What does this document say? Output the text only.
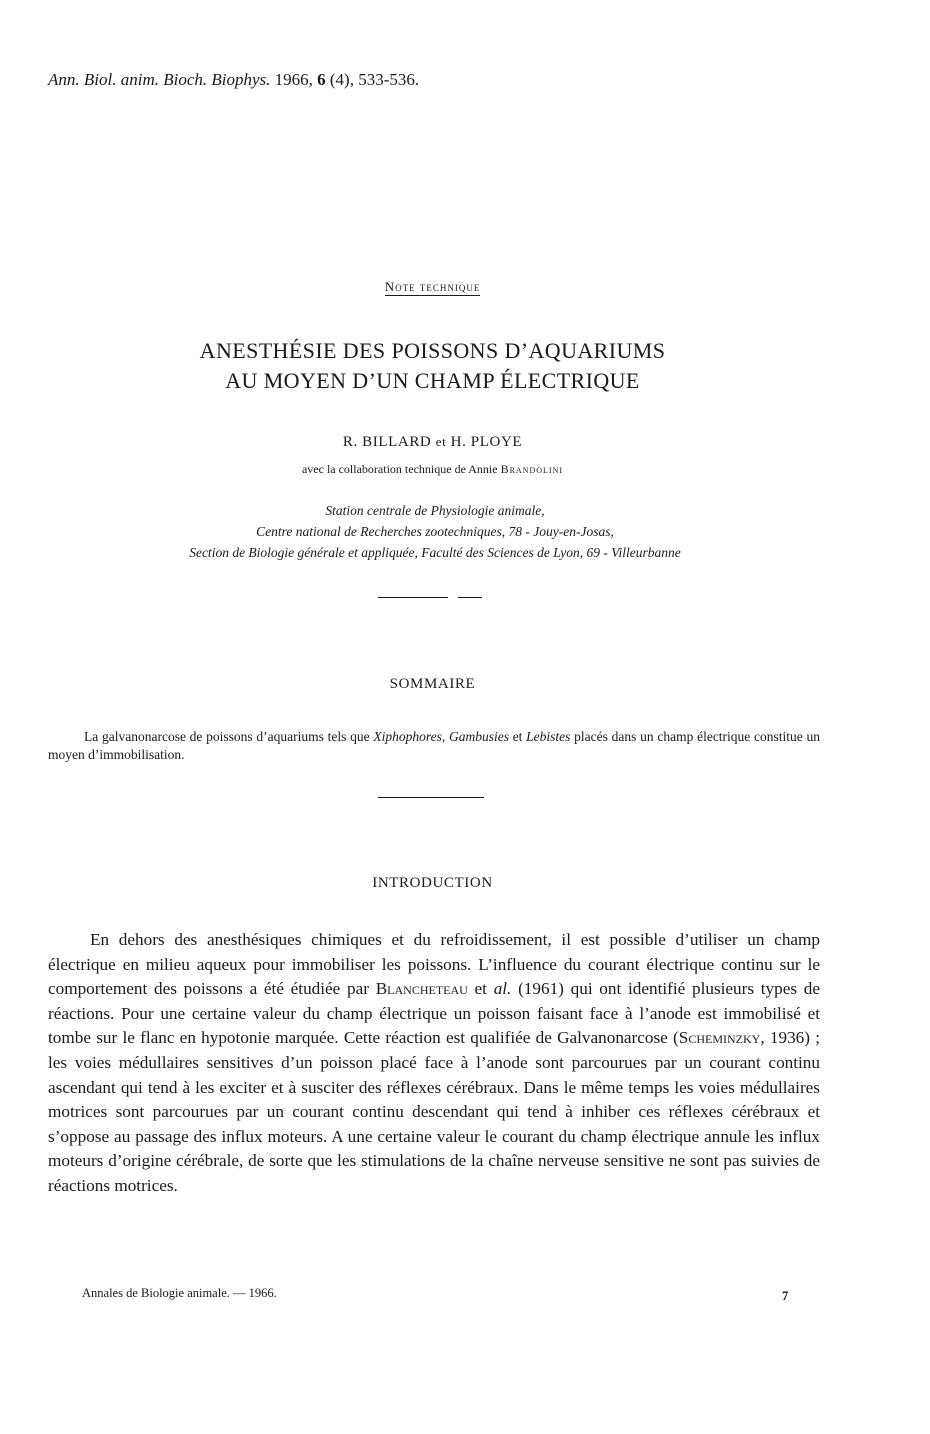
Ann. Biol. anim. Bioch. Biophys. 1966, 6 (4), 533-536.
Note technique
ANESTHÉSIE DES POISSONS D’AQUARIUMS
AU MOYEN D’UN CHAMP ÉLECTRIQUE
R. BILLARD et H. PLOYE
avec la collaboration technique de Annie Brandolini
Station centrale de Physiologie animale,
Centre national de Recherches zootechniques, 78 - Jouy-en-Josas,
Section de Biologie générale et appliquée, Faculté des Sciences de Lyon, 69 - Villeurbanne
SOMMAIRE
La galvanonarcose de poissons d’aquariums tels que Xiphophores, Gambusies et Lebistes placés dans un champ électrique constitue un moyen d’immobilisation.
INTRODUCTION
En dehors des anesthésiques chimiques et du refroidissement, il est possible d’utiliser un champ électrique en milieu aqueux pour immobiliser les poissons. L’influence du courant électrique continu sur le comportement des poissons a été étudiée par Blancheteau et al. (1961) qui ont identifié plusieurs types de réactions. Pour une certaine valeur du champ électrique un poisson faisant face à l’anode est immobilisé et tombe sur le flanc en hypotonie marquée. Cette réaction est qualifiée de Galvanonarcose (Scheminzky, 1936) ; les voies médullaires sensitives d’un poisson placé face à l’anode sont parcourues par un courant continu ascendant qui tend à les exciter et à susciter des réflexes cérébraux. Dans le même temps les voies médullaires motrices sont parcourues par un courant continu descendant qui tend à inhiber ces réflexes cérébraux et s’oppose au passage des influx moteurs. A une certaine valeur le courant du champ électrique annule les influx moteurs d’origine cérébrale, de sorte que les stimulations de la chaîne nerveuse sensitive ne sont pas suivies de réactions motrices.
Annales de Biologie animale. — 1966.	7
